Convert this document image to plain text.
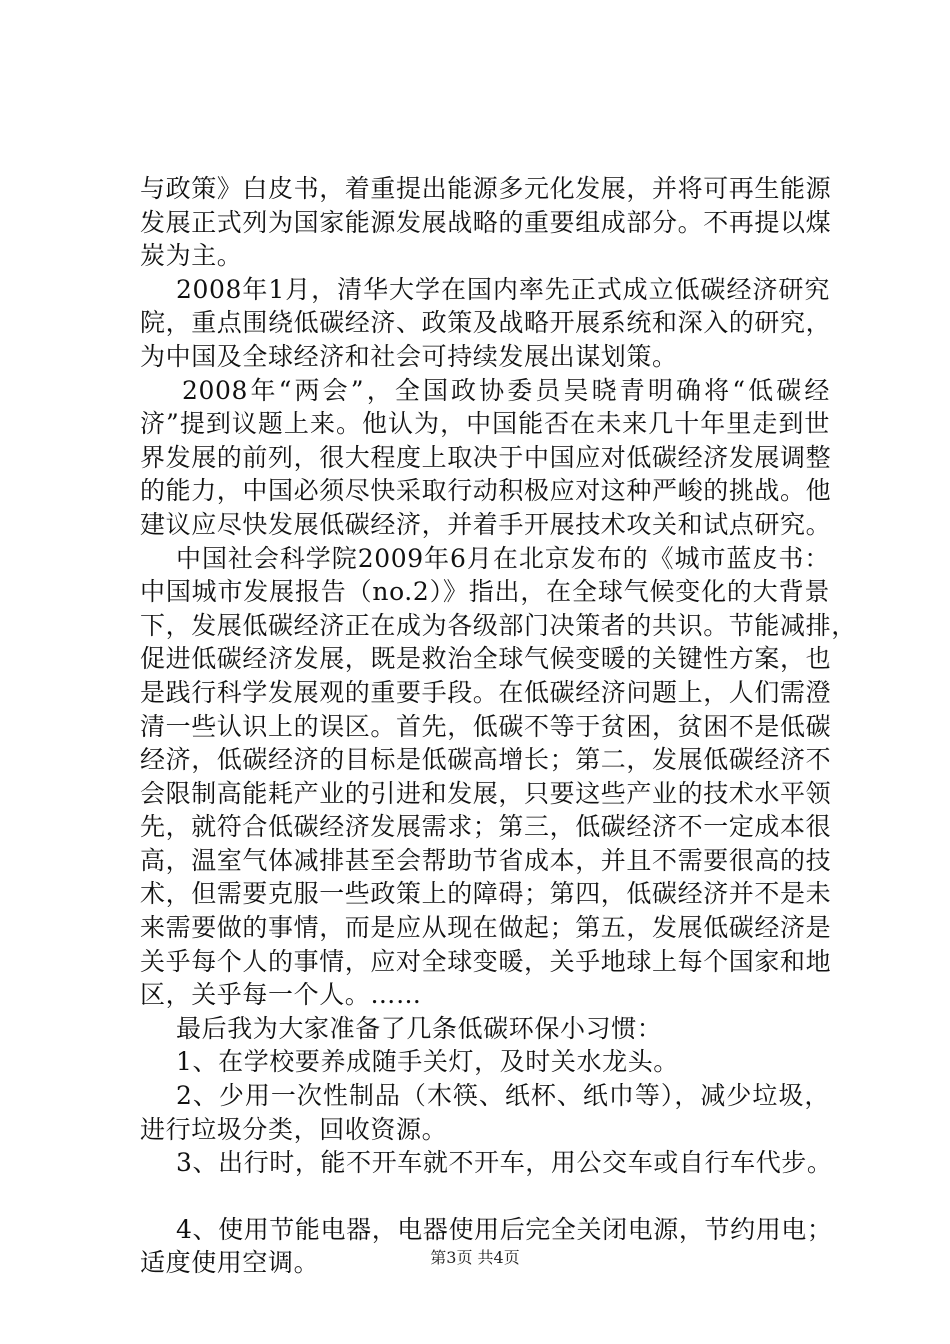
与政策》白皮书，着重提出能源多元化发展，并将可再生能源
发展正式列为国家能源发展战略的重要组成部分。不再提以煤
炭为主。

2008年1月，清华大学在国内率先正式成立低碳经济研究
院，重点围绕低碳经济、政策及战略开展系统和深入的研究，
为中国及全球经济和社会可持续发展出谋划策。

2008年“两会”，全国政协委员吴晓青明确将“低碳经
济”提到议题上来。他认为，中国能否在未来几十年里走到世
界发展的前列，很大程度上取决于中国应对低碳经济发展调整
的能力，中国必须尽快采取行动积极应对这种严峻的挑战。他
建议应尽快发展低碳经济，并着手开展技术攻关和试点研究。

中国社会科学院2009年6月在北京发布的《城市蓝皮书：
中国城市发展报告（no.2）》指出，在全球气候变化的大背景
下，发展低碳经济正在成为各级部门决策者的共识。节能减排，
促进低碳经济发展，既是救治全球气候变暖的关键性方案，也
是践行科学发展观的重要手段。在低碳经济问题上，人们需澄
清一些认识上的误区。首先，低碳不等于贫困，贫困不是低碳
经济，低碳经济的目标是低碳高增长；第二，发展低碳经济不
会限制高能耗产业的引进和发展，只要这些产业的技术水平领
先，就符合低碳经济发展需求；第三，低碳经济不一定成本很
高，温室气体减排甚至会帮助节省成本，并且不需要很高的技
术，但需要克服一些政策上的障碍；第四，低碳经济并不是未
来需要做的事情，而是应从现在做起；第五，发展低碳经济是
关乎每个人的事情，应对全球变暖，关乎地球上每个国家和地
区，关乎每一个人。……

最后我为大家准备了几条低碳环保小习惯：

1、在学校要养成随手关灯，及时关水龙头。

2、少用一次性制品（木筷、纸杯、纸巾等），减少垃圾，
进行垃圾分类，回收资源。

3、出行时，能不开车就不开车，用公交车或自行车代步。

4、使用节能电器，电器使用后完全关闭电源，节约用电；
适度使用空调。	第3页 共4页
